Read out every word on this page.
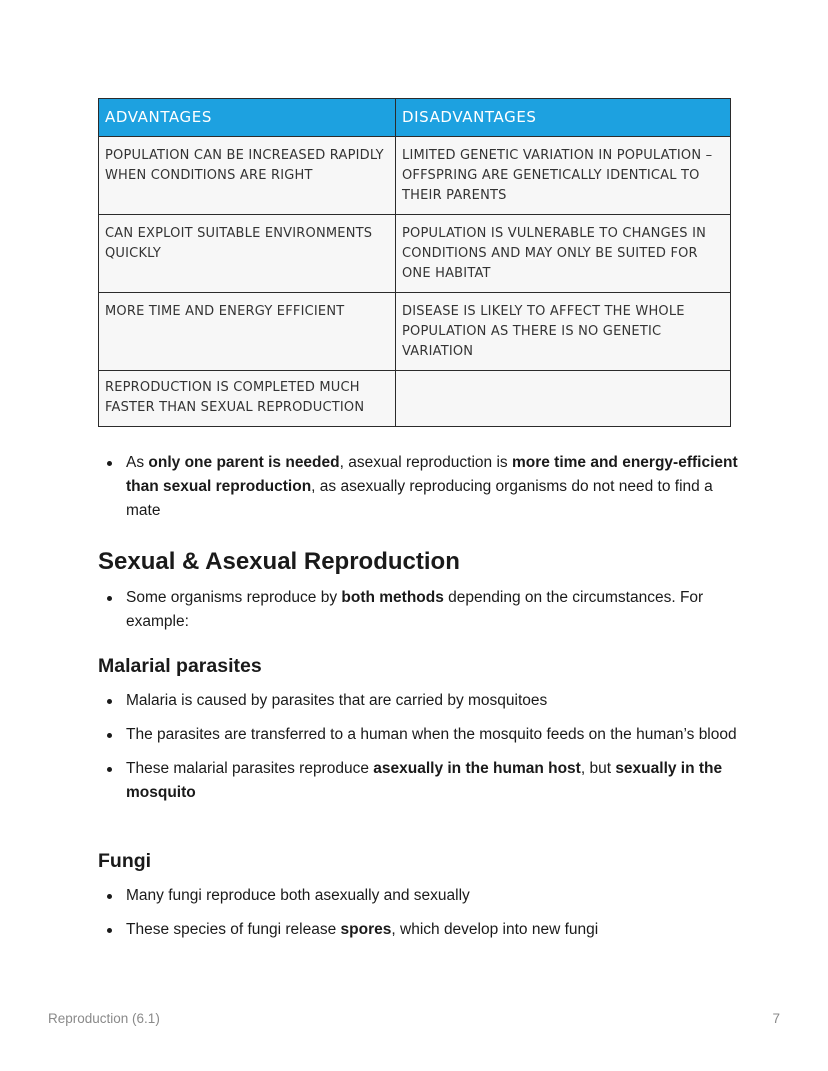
ADVANTAGES	DISADVANTAGES
POPULATION CAN BE INCREASED RAPIDLY WHEN CONDITIONS ARE RIGHT	LIMITED GENETIC VARIATION IN POPULATION – OFFSPRING ARE GENETICALLY IDENTICAL TO THEIR PARENTS
CAN EXPLOIT SUITABLE ENVIRONMENTS QUICKLY	POPULATION IS VULNERABLE TO CHANGES IN CONDITIONS AND MAY ONLY BE SUITED FOR ONE HABITAT
MORE TIME AND ENERGY EFFICIENT	DISEASE IS LIKELY TO AFFECT THE WHOLE POPULATION AS THERE IS NO GENETIC VARIATION
REPRODUCTION IS COMPLETED MUCH FASTER THAN SEXUAL REPRODUCTION	
As only one parent is needed, asexual reproduction is more time and energy-efficient than sexual reproduction, as asexually reproducing organisms do not need to find a mate
Sexual & Asexual Reproduction
Some organisms reproduce by both methods depending on the circumstances. For example:
Malarial parasites
Malaria is caused by parasites that are carried by mosquitoes
The parasites are transferred to a human when the mosquito feeds on the human’s blood
These malarial parasites reproduce asexually in the human host, but sexually in the mosquito
Fungi
Many fungi reproduce both asexually and sexually
These species of fungi release spores, which develop into new fungi
Reproduction (6.1)	7
